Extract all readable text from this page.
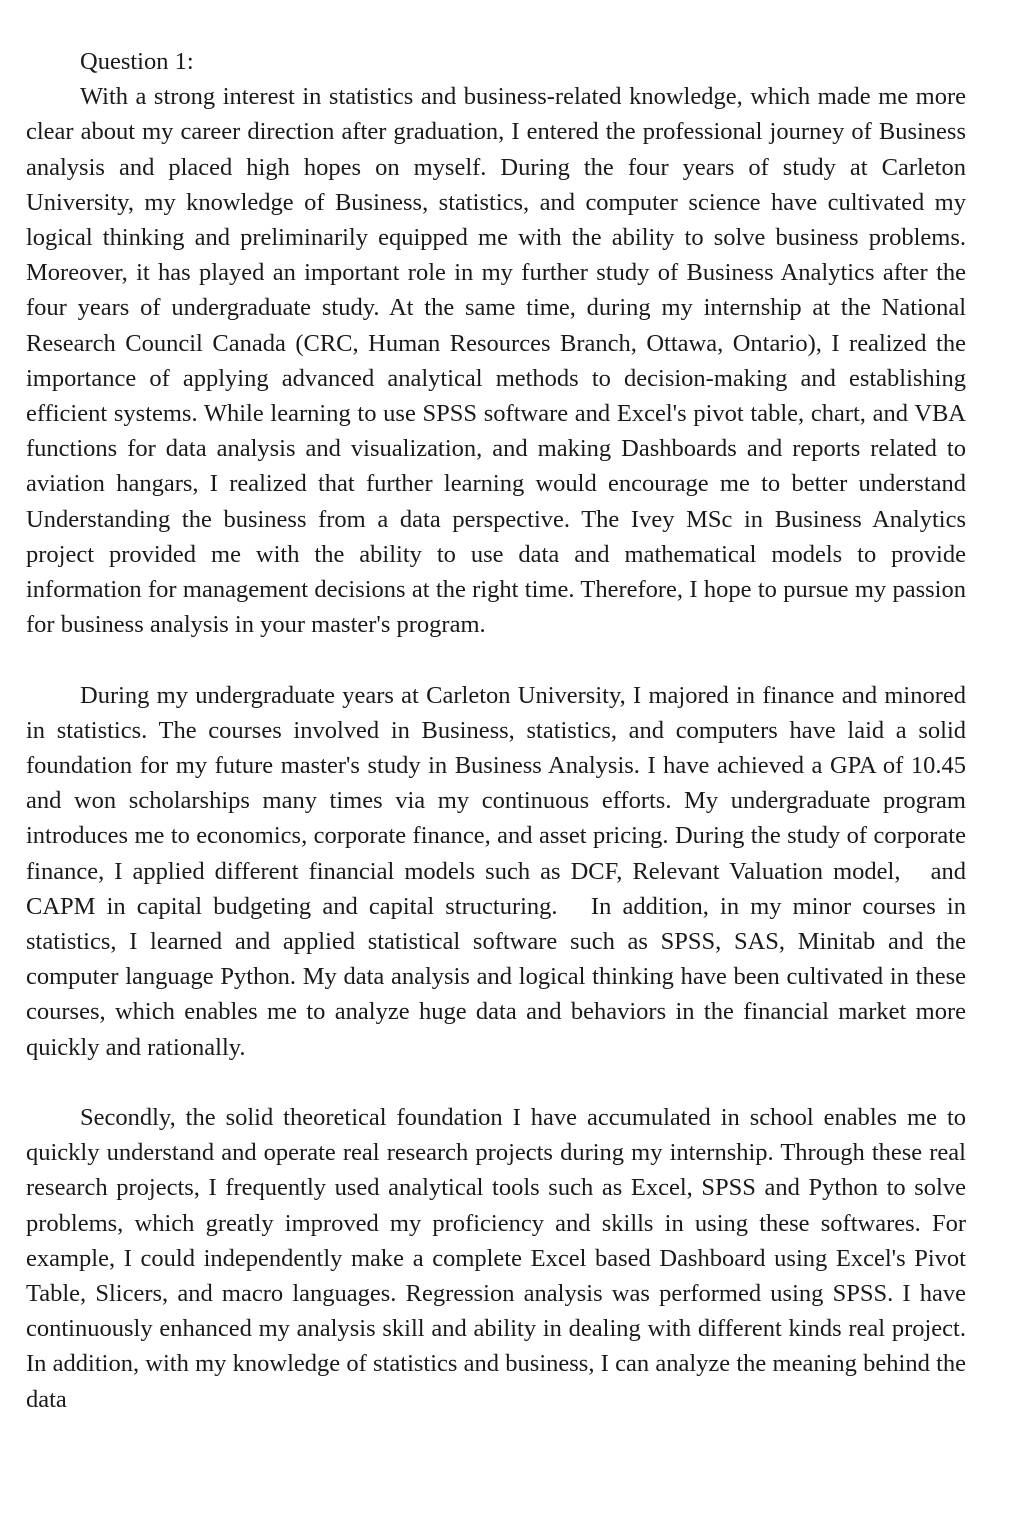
Question 1:

With a strong interest in statistics and business-related knowledge, which made me more clear about my career direction after graduation, I entered the professional journey of Business analysis and placed high hopes on myself. During the four years of study at Carleton University, my knowledge of Business, statistics, and computer science have cultivated my logical thinking and preliminarily equipped me with the ability to solve business problems. Moreover, it has played an important role in my further study of Business Analytics after the four years of undergraduate study. At the same time, during my internship at the National Research Council Canada (CRC, Human Resources Branch, Ottawa, Ontario), I realized the importance of applying advanced analytical methods to decision-making and establishing efficient systems. While learning to use SPSS software and Excel's pivot table, chart, and VBA functions for data analysis and visualization, and making Dashboards and reports related to aviation hangars, I realized that further learning would encourage me to better understand Understanding the business from a data perspective. The Ivey MSc in Business Analytics project provided me with the ability to use data and mathematical models to provide information for management decisions at the right time. Therefore, I hope to pursue my passion for business analysis in your master's program.

During my undergraduate years at Carleton University, I majored in finance and minored in statistics. The courses involved in Business, statistics, and computers have laid a solid foundation for my future master's study in Business Analysis. I have achieved a GPA of 10.45 and won scholarships many times via my continuous efforts. My undergraduate program introduces me to economics, corporate finance, and asset pricing. During the study of corporate finance, I applied different financial models such as DCF, Relevant Valuation model,   and CAPM in capital budgeting and capital structuring.   In addition, in my minor courses in statistics, I learned and applied statistical software such as SPSS, SAS, Minitab and the computer language Python. My data analysis and logical thinking have been cultivated in these courses, which enables me to analyze huge data and behaviors in the financial market more quickly and rationally.

Secondly, the solid theoretical foundation I have accumulated in school enables me to quickly understand and operate real research projects during my internship. Through these real research projects, I frequently used analytical tools such as Excel, SPSS and Python to solve problems, which greatly improved my proficiency and skills in using these softwares. For example, I could independently make a complete Excel based Dashboard using Excel's Pivot Table, Slicers, and macro languages. Regression analysis was performed using SPSS. I have continuously enhanced my analysis skill and ability in dealing with different kinds real project. In addition, with my knowledge of statistics and business, I can analyze the meaning behind the data
